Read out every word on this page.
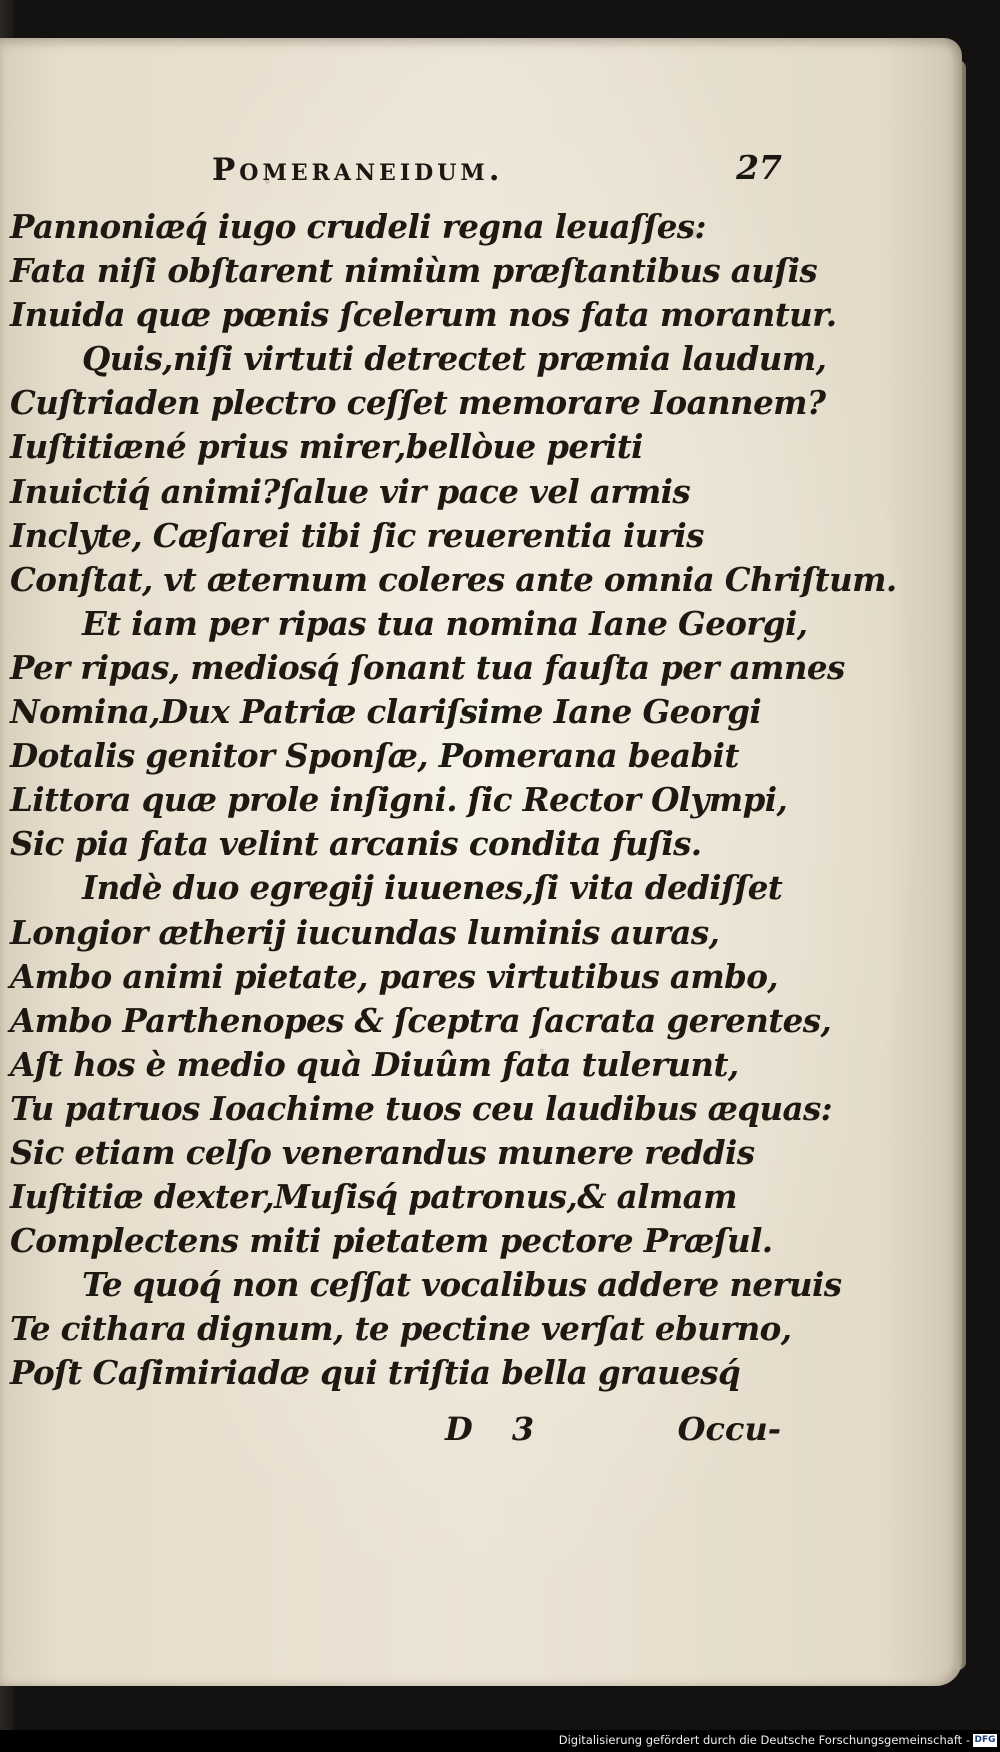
Pomeraneidum.	27
Pannoniæq́ iugo crudeli regna leuaſſes:
Fata niſi obſtarent nimiùm præſtantibus auſis
Inuida quæ pœnis ſcelerum nos fata morantur.
Quis,niſi virtuti detrectet præmia laudum,
Cuſtriaden plectro ceſſet memorare Ioannem?
Iuſtitiæné prius mirer,bellòue periti
Inuictiq́ animi?ſalue vir pace vel armis
Inclyte, Cæſarei tibi ſic reuerentia iuris
Conſtat, vt æternum coleres ante omnia Chriſtum.
Et iam per ripas tua nomina Iane Georgi,
Per ripas, mediosq́ ſonant tua fauſta per amnes
Nomina,Dux Patriæ clariſsime Iane Georgi
Dotalis genitor Sponſæ, Pomerana beabit
Littora quæ prole inſigni. ſic Rector Olympi,
Sic pia fata velint arcanis condita fuſis.
Indè duo egregij iuuenes,ſi vita dediſſet
Longior ætherij iucundas luminis auras,
Ambo animi pietate, pares virtutibus ambo,
Ambo Parthenopes & ſceptra ſacrata gerentes,
Aſt hos è medio quà Diuûm fata tulerunt,
Tu patruos Ioachime tuos ceu laudibus æquas:
Sic etiam celſo venerandus munere reddis
Iuſtitiæ dexter,Muſisq́ patronus,& almam
Complectens miti pietatem pectore Præſul.
Te quoq́ non ceſſat vocalibus addere neruis
Te cithara dignum, te pectine verſat eburno,
Poſt Caſimiriadæ qui triſtia bella grauesq́
D 3	Occu-
Digitalisierung gefördert durch die Deutsche Forschungsgemeinschaft - DFG
